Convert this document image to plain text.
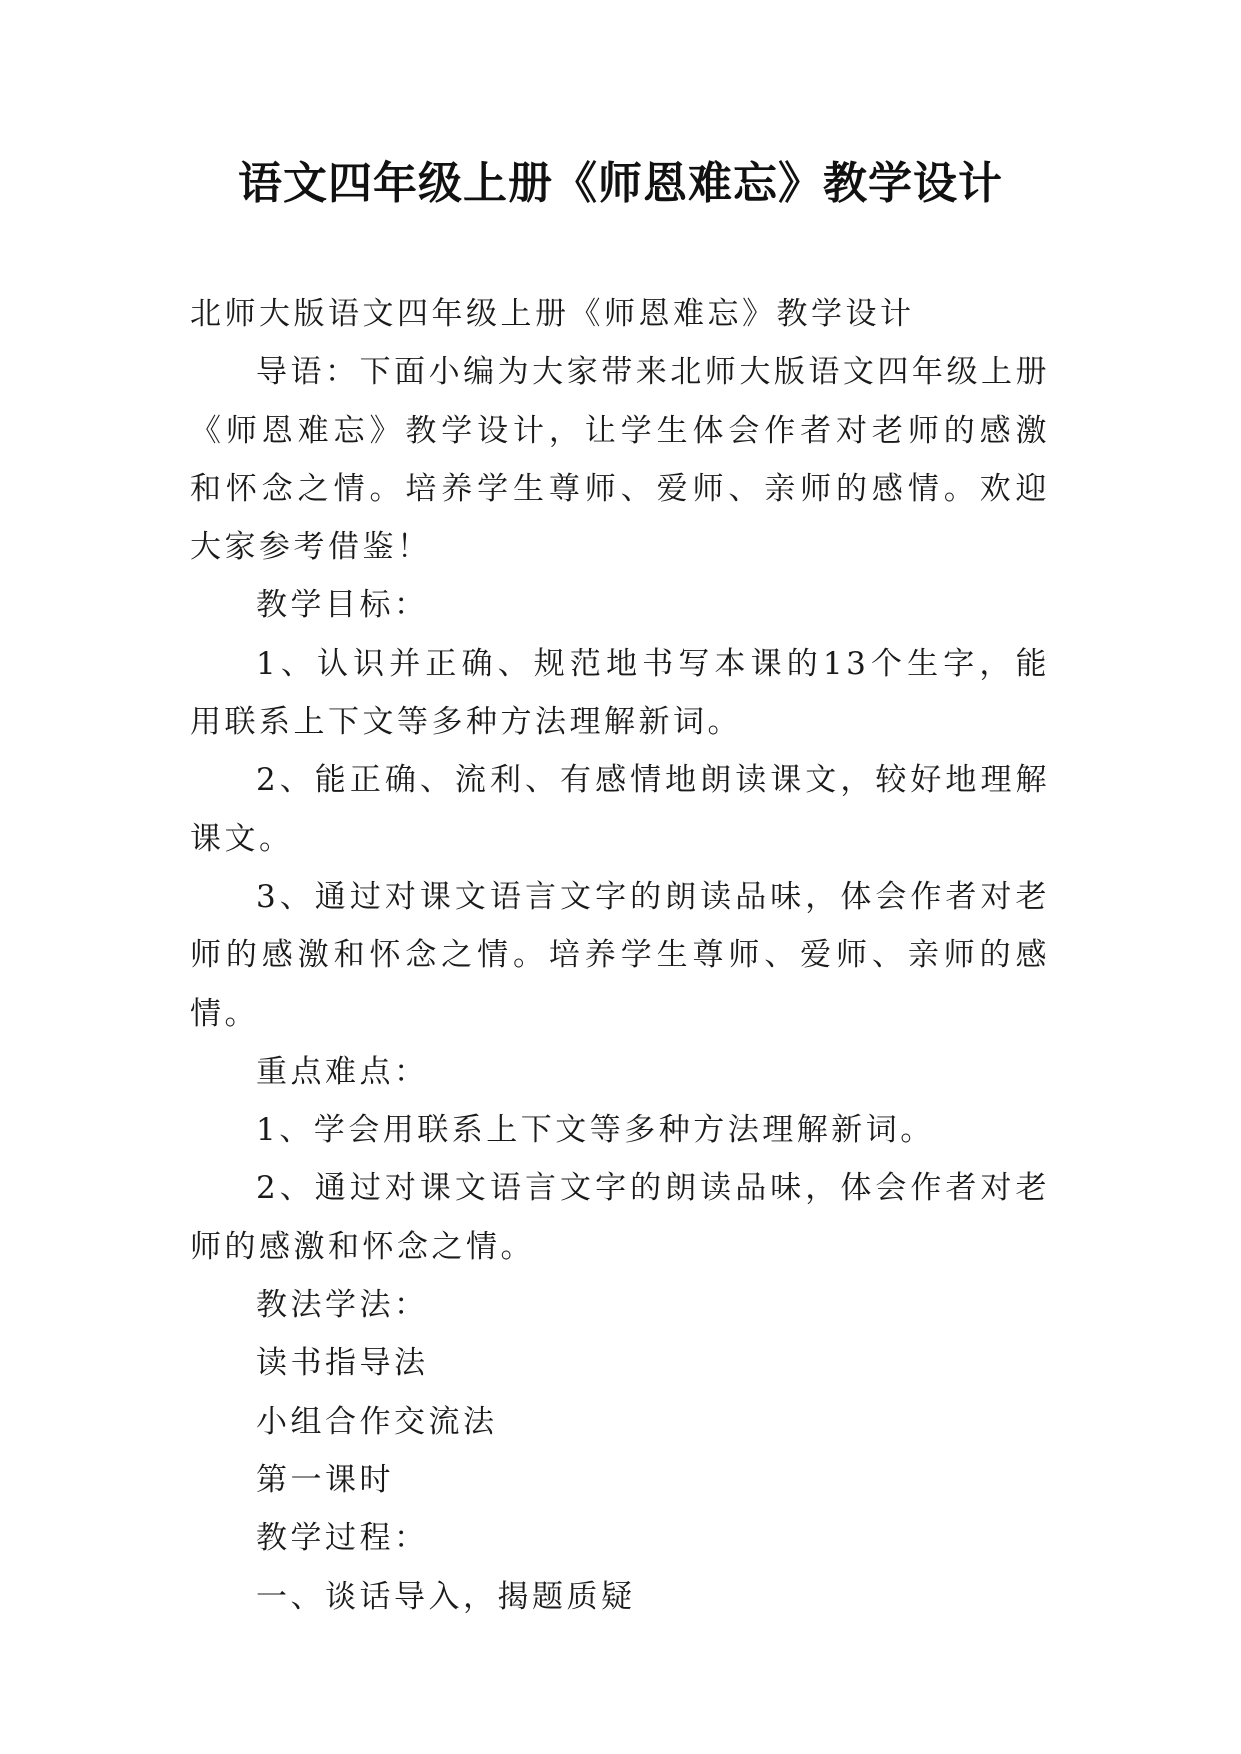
语文四年级上册《师恩难忘》教学设计

北师大版语文四年级上册《师恩难忘》教学设计

导语：下面小编为大家带来北师大版语文四年级上册《师恩难忘》教学设计，让学生体会作者对老师的感激和怀念之情。培养学生尊师、爱师、亲师的感情。欢迎大家参考借鉴！

教学目标：

1、认识并正确、规范地书写本课的13个生字，能用联系上下文等多种方法理解新词。

2、能正确、流利、有感情地朗读课文，较好地理解课文。

3、通过对课文语言文字的朗读品味，体会作者对老师的感激和怀念之情。培养学生尊师、爱师、亲师的感情。

重点难点：

1、学会用联系上下文等多种方法理解新词。

2、通过对课文语言文字的朗读品味，体会作者对老师的感激和怀念之情。

教法学法：

读书指导法

小组合作交流法

第一课时

教学过程：

一、谈话导入，揭题质疑
